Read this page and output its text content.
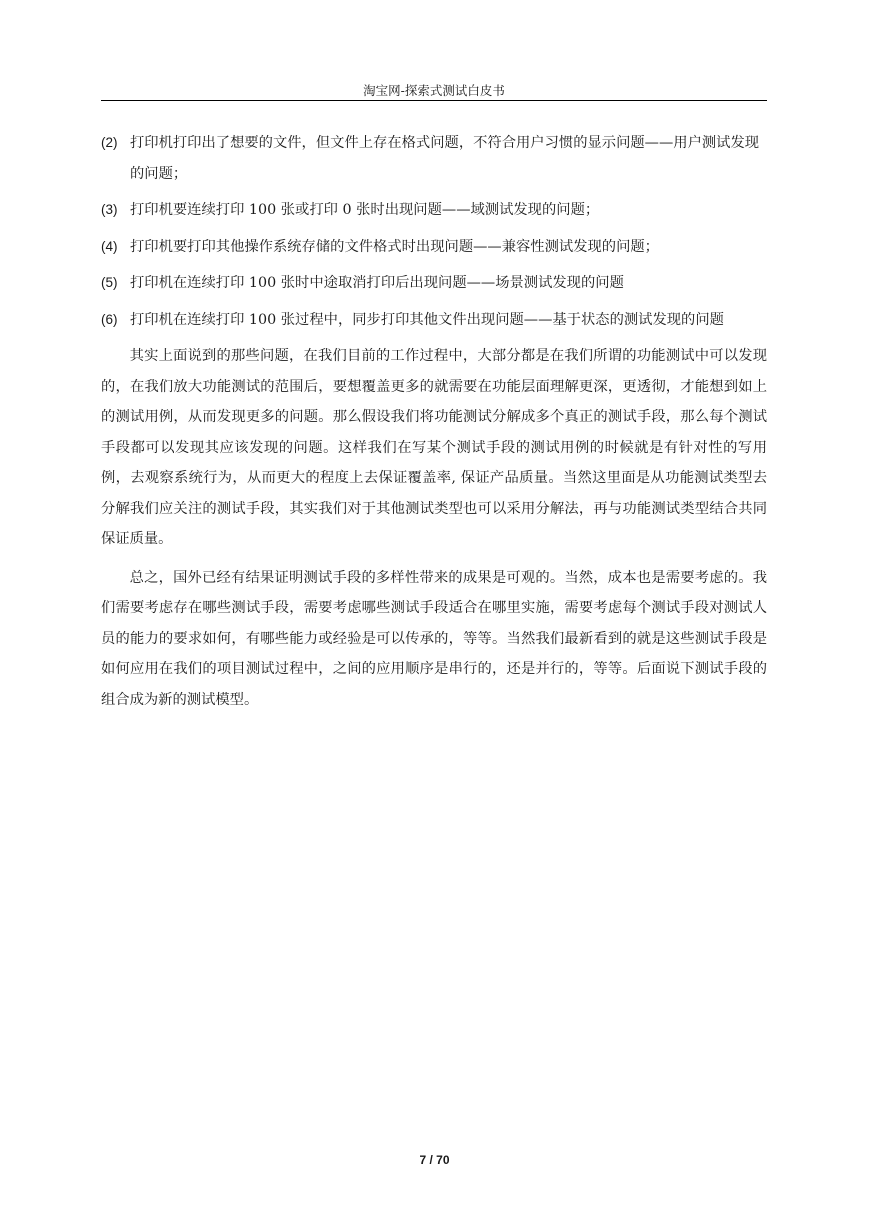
淘宝网-探索式测试白皮书
(2) 打印机打印出了想要的文件，但文件上存在格式问题，不符合用户习惯的显示问题——用户测试发现的问题；
(3) 打印机要连续打印 100 张或打印 0 张时出现问题——域测试发现的问题；
(4) 打印机要打印其他操作系统存储的文件格式时出现问题——兼容性测试发现的问题；
(5) 打印机在连续打印 100 张时中途取消打印后出现问题——场景测试发现的问题
(6) 打印机在连续打印 100 张过程中，同步打印其他文件出现问题——基于状态的测试发现的问题

其实上面说到的那些问题，在我们目前的工作过程中，大部分都是在我们所谓的功能测试中可以发现的，在我们放大功能测试的范围后，要想覆盖更多的就需要在功能层面理解更深，更透彻，才能想到如上的测试用例，从而发现更多的问题。那么假设我们将功能测试分解成多个真正的测试手段，那么每个测试手段都可以发现其应该发现的问题。这样我们在写某个测试手段的测试用例的时候就是有针对性的写用例，去观察系统行为，从而更大的程度上去保证覆盖率, 保证产品质量。当然这里面是从功能测试类型去分解我们应关注的测试手段，其实我们对于其他测试类型也可以采用分解法，再与功能测试类型结合共同保证质量。

总之，国外已经有结果证明测试手段的多样性带来的成果是可观的。当然，成本也是需要考虑的。我们需要考虑存在哪些测试手段，需要考虑哪些测试手段适合在哪里实施，需要考虑每个测试手段对测试人员的能力的要求如何，有哪些能力或经验是可以传承的，等等。当然我们最新看到的就是这些测试手段是如何应用在我们的项目测试过程中，之间的应用顺序是串行的，还是并行的，等等。后面说下测试手段的组合成为新的测试模型。

7 / 70
